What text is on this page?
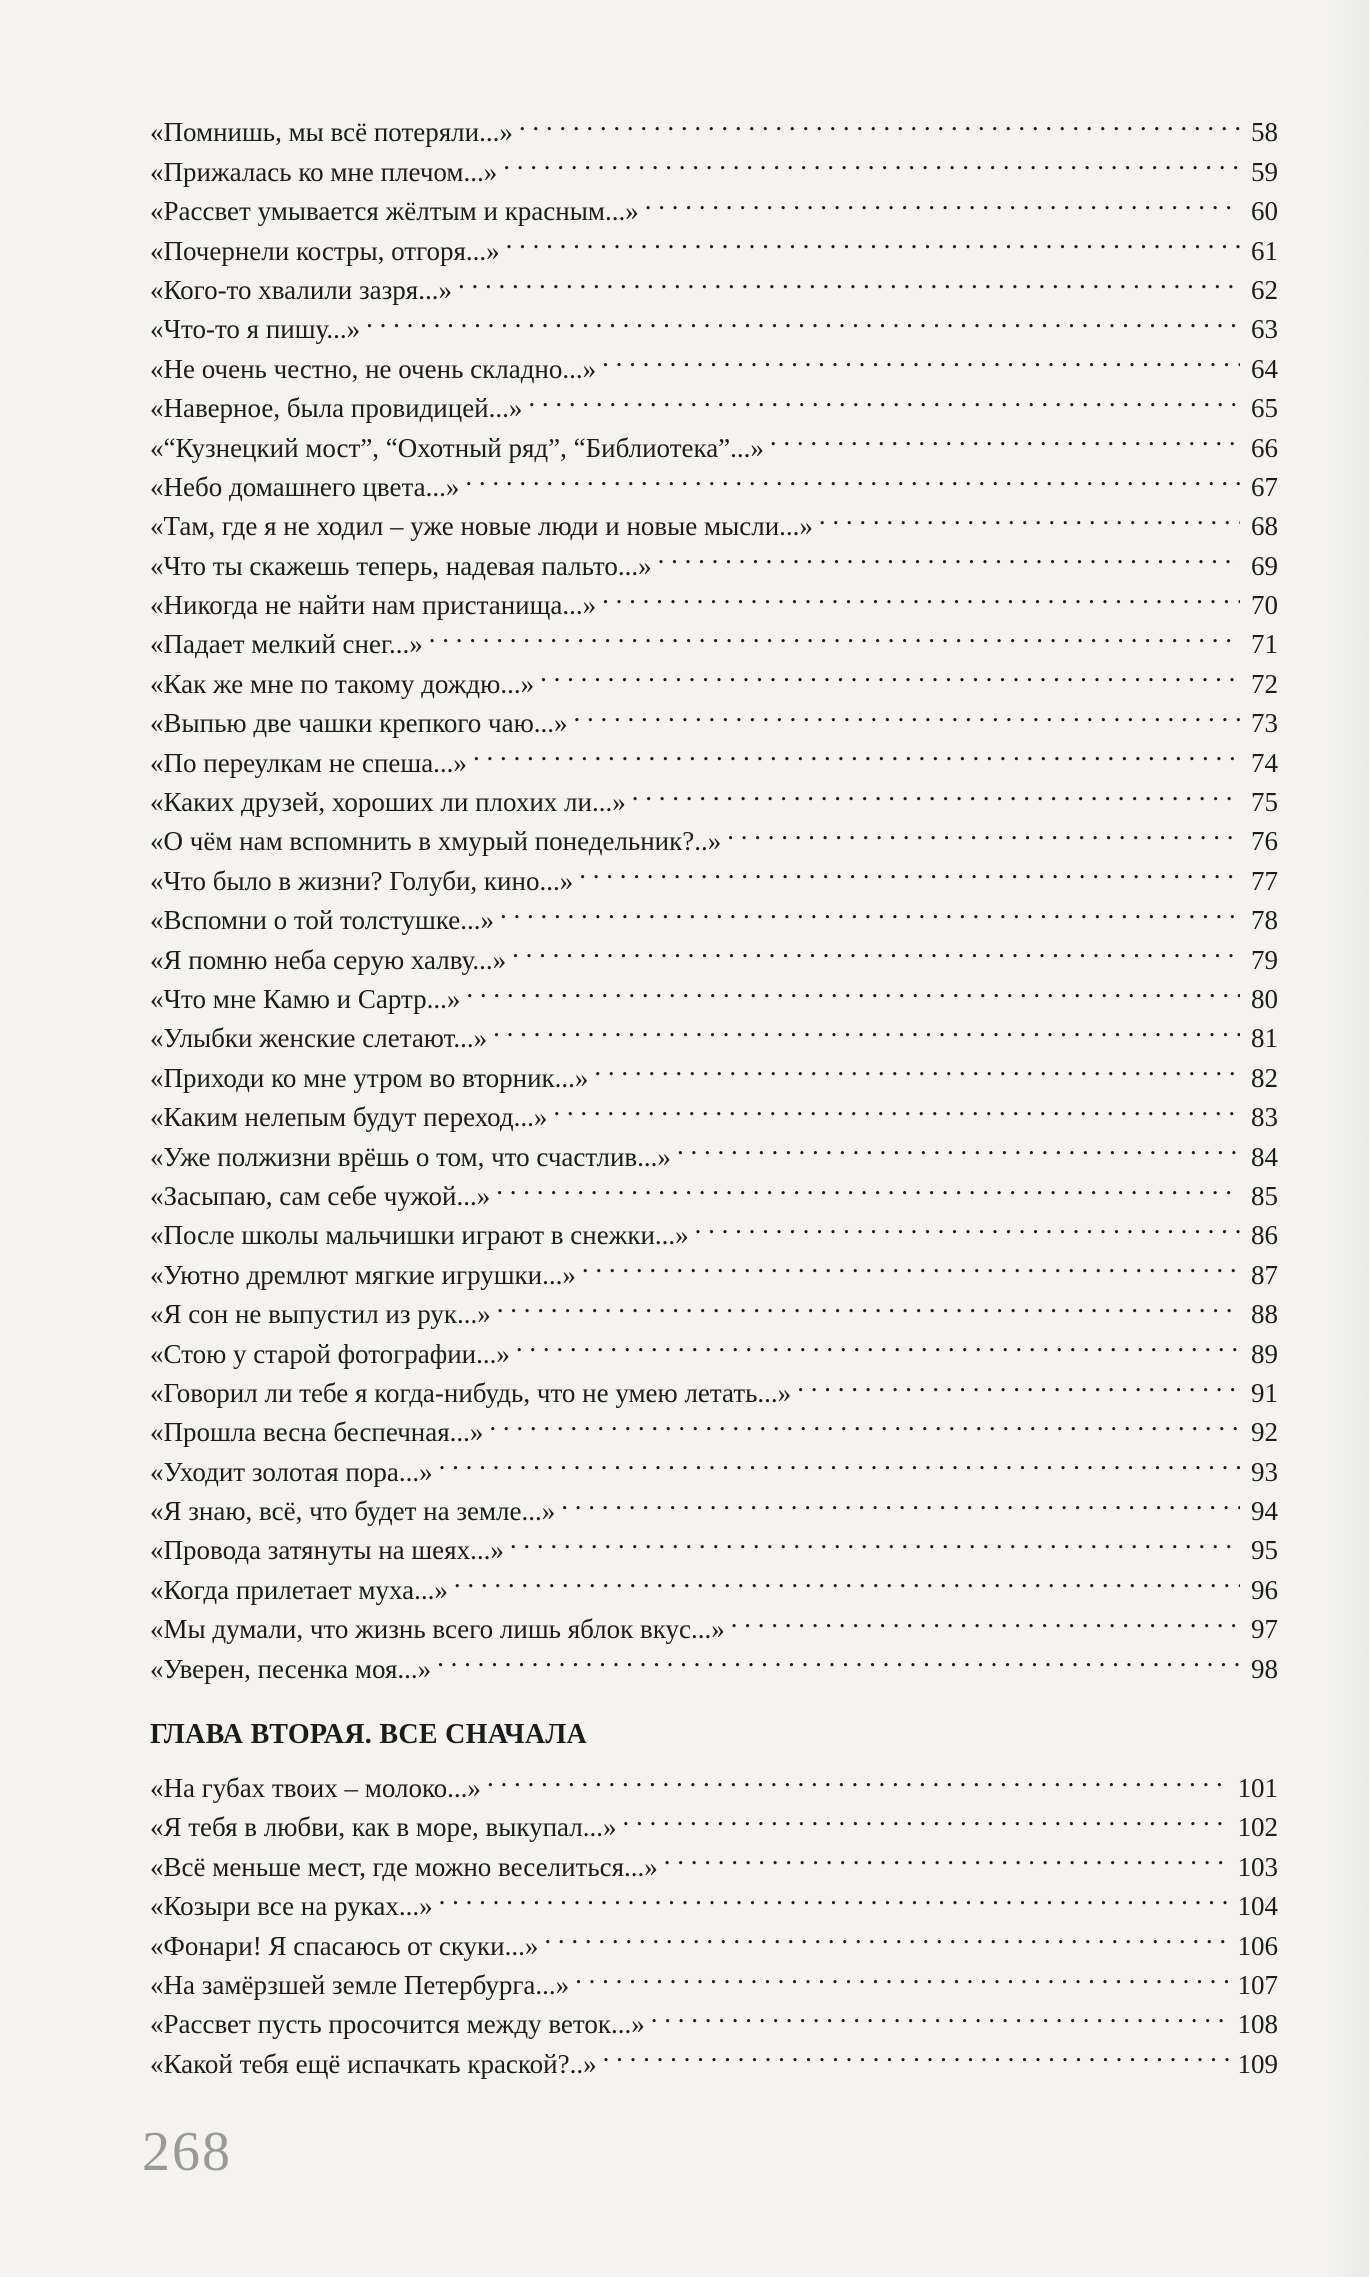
«Помнишь, мы всё потеряли...» . . .	58
«Прижалась ко мне плечом...» . . .	59
«Рассвет умывается жёлтым и красным...» . . .	60
«Почернели костры, отгоря...» . . .	61
«Кого-то хвалили зазря...» . . .	62
«Что-то я пишу...» . . .	63
«Не очень честно, не очень складно...» . . .	64
«Наверное, была провидицей...» . . .	65
«“Кузнецкий мост”, “Охотный ряд”, “Библиотека”...» . . .	66
«Небо домашнего цвета...» . . .	67
«Там, где я не ходил – уже новые люди и новые мысли...» . . .	68
«Что ты скажешь теперь, надевая пальто...» . . .	69
«Никогда не найти нам пристанища...» . . .	70
«Падает мелкий снег...» . . .	71
«Как же мне по такому дождю...» . . .	72
«Выпью две чашки крепкого чаю...» . . .	73
«По переулкам не спеша...» . . .	74
«Каких друзей, хороших ли плохих ли...» . . .	75
«О чём нам вспомнить в хмурый понедельник?..» . . .	76
«Что было в жизни? Голуби, кино...» . . .	77
«Вспомни о той толстушке...» . . .	78
«Я помню неба серую халву...» . . .	79
«Что мне Камю и Сартр...» . . .	80
«Улыбки женские слетают...» . . .	81
«Приходи ко мне утром во вторник...» . . .	82
«Каким нелепым будут переход...» . . .	83
«Уже полжизни врёшь о том, что счастлив...» . . .	84
«Засыпаю, сам себе чужой...» . . .	85
«После школы мальчишки играют в снежки...» . . .	86
«Уютно дремлют мягкие игрушки...» . . .	87
«Я сон не выпустил из рук...» . . .	88
«Стою у старой фотографии...» . . .	89
«Говорил ли тебе я когда-нибудь, что не умею летать...» . . .	91
«Прошла весна беспечная...» . . .	92
«Уходит золотая пора...» . . .	93
«Я знаю, всё, что будет на земле...» . . .	94
«Провода затянуты на шеях...» . . .	95
«Когда прилетает муха...» . . .	96
«Мы думали, что жизнь всего лишь яблок вкус...» . . .	97
«Уверен, песенка моя...» . . .	98
ГЛАВА ВТОРАЯ. ВСЕ СНАЧАЛА
«На губах твоих – молоко...» . . .	101
«Я тебя в любви, как в море, выкупал...» . . .	102
«Всё меньше мест, где можно веселиться...» . . .	103
«Козыри все на руках...» . . .	104
«Фонари! Я спасаюсь от скуки...» . . .	106
«На замёрзшей земле Петербурга...» . . .	107
«Рассвет пусть просочится между веток...» . . .	108
«Какой тебя ещё испачкать краской?..» . . .	109
268
